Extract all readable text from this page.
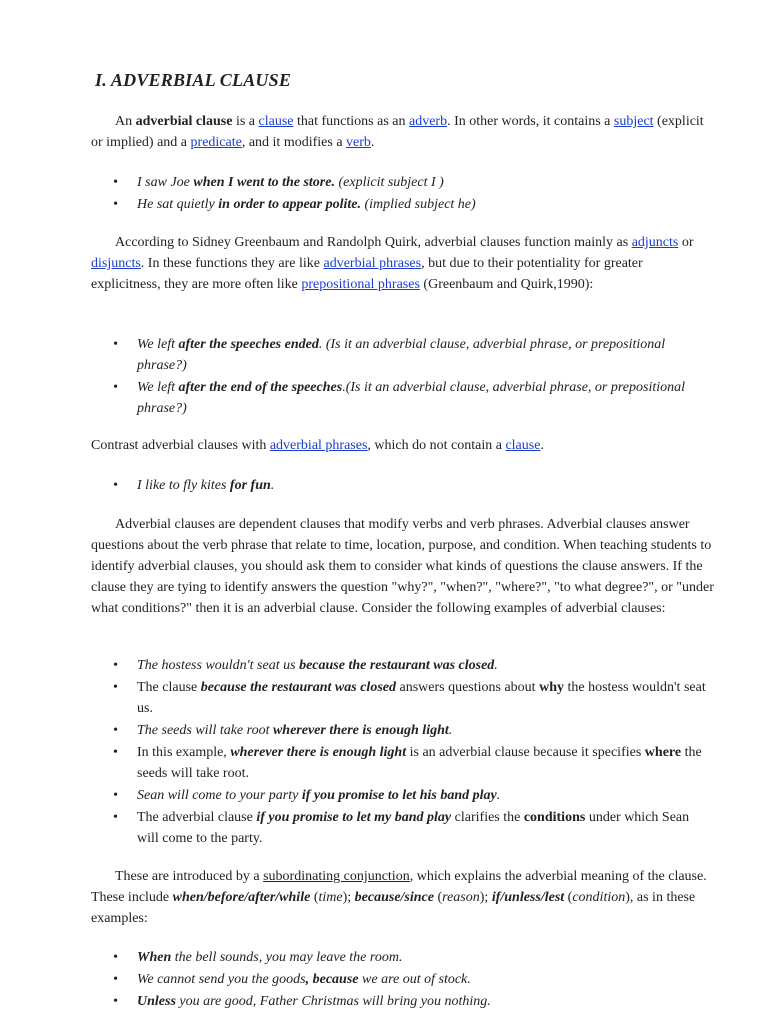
I. ADVERBIAL CLAUSE

An adverbial clause is a clause that functions as an adverb. In other words, it contains a subject (explicit or implied) and a predicate, and it modifies a verb.

• I saw Joe when I went to the store. (explicit subject I )
• He sat quietly in order to appear polite. (implied subject he)

According to Sidney Greenbaum and Randolph Quirk, adverbial clauses function mainly as adjuncts or disjuncts. In these functions they are like adverbial phrases, but due to their potentiality for greater explicitness, they are more often like prepositional phrases (Greenbaum and Quirk,1990):

• We left after the speeches ended. (Is it an adverbial clause, adverbial phrase, or prepositional phrase?)
• We left after the end of the speeches.(Is it an adverbial clause, adverbial phrase, or prepositional phrase?)

Contrast adverbial clauses with adverbial phrases, which do not contain a clause.

• I like to fly kites for fun.

Adverbial clauses are dependent clauses that modify verbs and verb phrases. Adverbial clauses answer questions about the verb phrase that relate to time, location, purpose, and condition. When teaching students to identify adverbial clauses, you should ask them to consider what kinds of questions the clause answers. If the clause they are tying to identify answers the question "why?", "when?", "where?", "to what degree?", or "under what conditions?" then it is an adverbial clause. Consider the following examples of adverbial clauses:

• The hostess wouldn't seat us because the restaurant was closed.
• The clause because the restaurant was closed answers questions about why the hostess wouldn't seat us.
• The seeds will take root wherever there is enough light.
• In this example, wherever there is enough light is an adverbial clause because it specifies where the seeds will take root.
• Sean will come to your party if you promise to let his band play.
• The adverbial clause if you promise to let my band play clarifies the conditions under which Sean will come to the party.

These are introduced by a subordinating conjunction, which explains the adverbial meaning of the clause. These include when/before/after/while (time); because/since (reason); if/unless/lest (condition), as in these examples:

• When the bell sounds, you may leave the room.
• We cannot send you the goods, because we are out of stock.
• Unless you are good, Father Christmas will bring you nothing.
